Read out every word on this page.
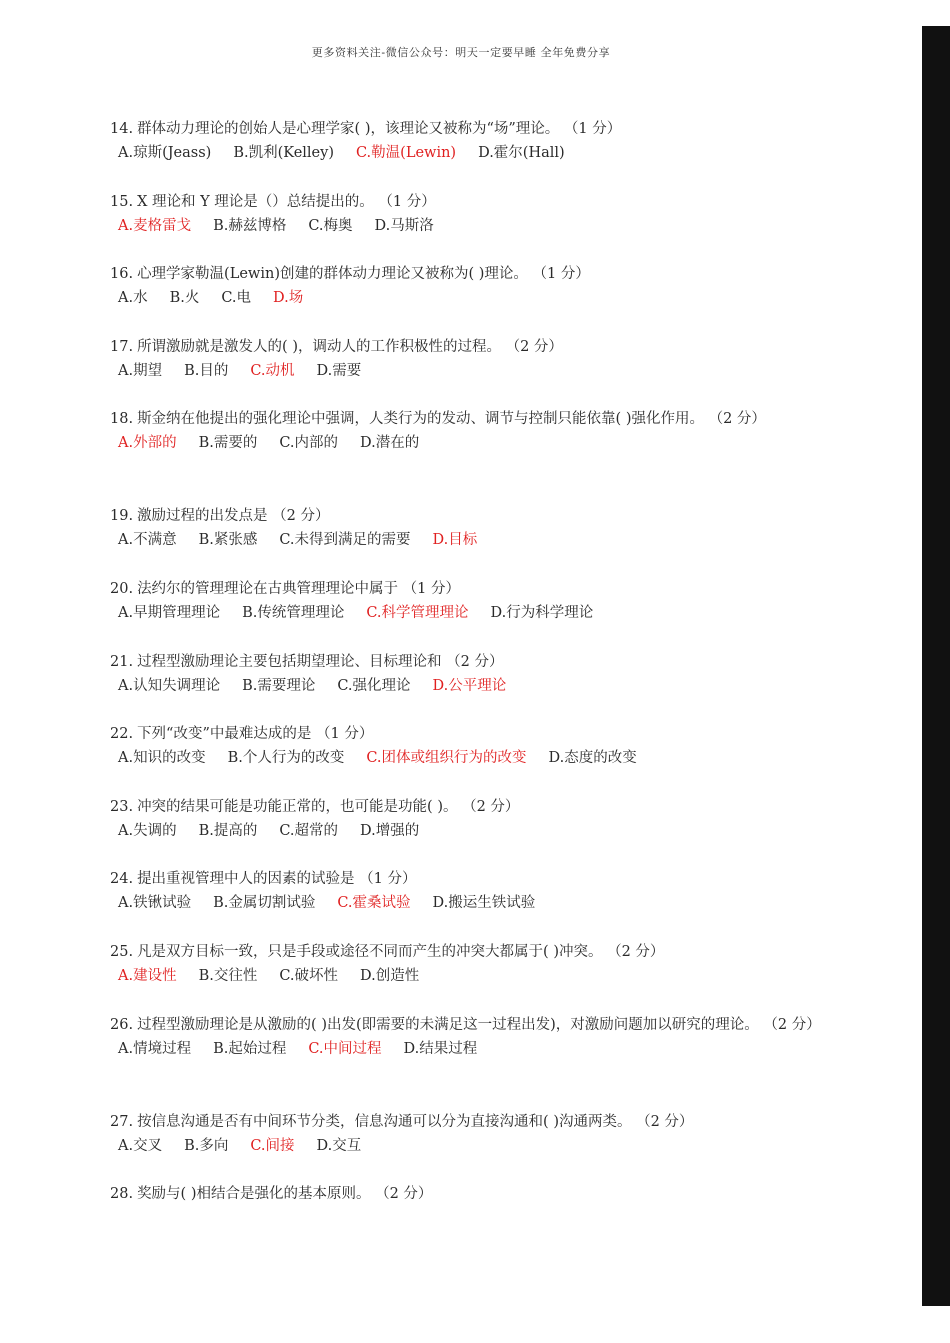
更多资料关注-微信公众号：明天一定要早睡 全年免费分享
14. 群体动力理论的创始人是心理学家( )，该理论又被称为“场”理论。 （1 分）
A.琼斯(Jeass) B.凯利(Kelley) C.勒温(Lewin) D.霍尔(Hall)
15. X 理论和 Y 理论是（）总结提出的。 （1 分）
A.麦格雷戈 B.赫兹博格 C.梅奥 D.马斯洛
16. 心理学家勒温(Lewin)创建的群体动力理论又被称为( )理论。 （1 分）
A.水 B.火 C.电 D.场
17. 所谓激励就是激发人的( )，调动人的工作积极性的过程。 （2 分）
A.期望 B.目的 C.动机 D.需要
18. 斯金纳在他提出的强化理论中强调，人类行为的发动、调节与控制只能依靠( )强化作用。 （2 分）
A.外部的 B.需要的 C.内部的 D.潜在的
19. 激励过程的出发点是 （2 分）
A.不满意 B.紧张感 C.未得到满足的需要 D.目标
20. 法约尔的管理理论在古典管理理论中属于 （1 分）
A.早期管理理论 B.传统管理理论 C.科学管理理论 D.行为科学理论
21. 过程型激励理论主要包括期望理论、目标理论和 （2 分）
A.认知失调理论 B.需要理论 C.强化理论 D.公平理论
22. 下列“改变”中最难达成的是 （1 分）
A.知识的改变 B.个人行为的改变 C.团体或组织行为的改变 D.态度的改变
23. 冲突的结果可能是功能正常的，也可能是功能( )。 （2 分）
A.失调的 B.提高的 C.超常的 D.增强的
24. 提出重视管理中人的因素的试验是 （1 分）
A.铁锹试验 B.金属切割试验 C.霍桑试验 D.搬运生铁试验
25. 凡是双方目标一致，只是手段或途径不同而产生的冲突大都属于( )冲突。 （2 分）
A.建设性 B.交往性 C.破坏性 D.创造性
26. 过程型激励理论是从激励的( )出发(即需要的未满足这一过程出发)，对激励问题加以研究的理论。 （2 分）
A.情境过程 B.起始过程 C.中间过程 D.结果过程
27. 按信息沟通是否有中间环节分类，信息沟通可以分为直接沟通和( )沟通两类。 （2 分）
A.交叉 B.多向 C.间接 D.交互
28. 奖励与( )相结合是强化的基本原则。 （2 分）
